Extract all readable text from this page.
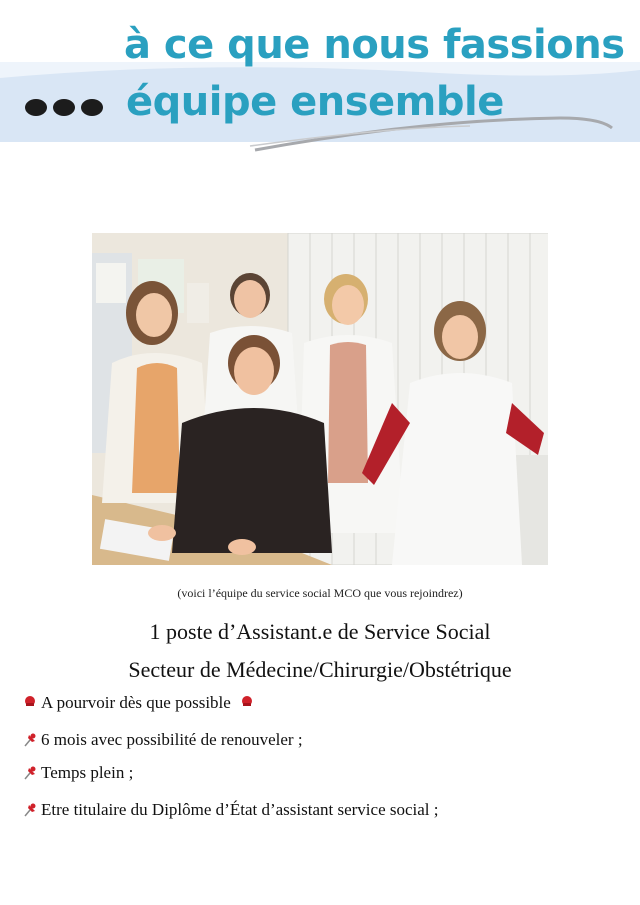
à ce que nous fassions
équipe ensemble
(voici l’équipe du service social MCO que vous rejoindrez)
1 poste d’Assistant.e de Service Social
Secteur de Médecine/Chirurgie/Obstétrique
A pourvoir dès que possible
6 mois avec possibilité de renouveler ;
Temps plein ;
Etre titulaire du Diplôme d’État d’assistant service social ;
